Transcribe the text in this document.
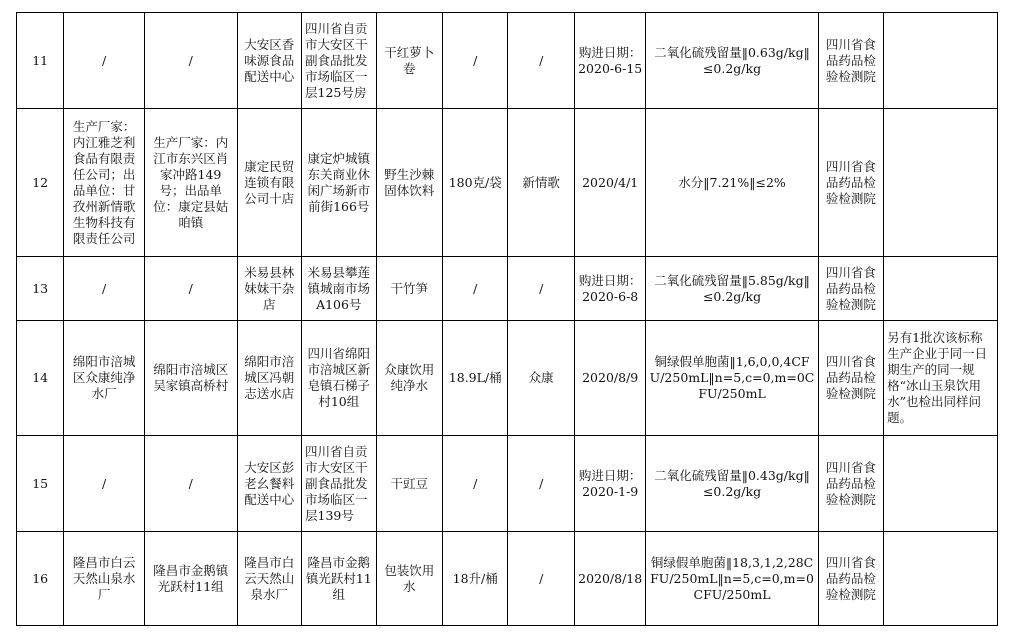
11	/	/	大安区香味源食品配送中心	四川省自贡市大安区干副食品批发市场临区一层125号房	干红萝卜卷	/	/	购进日期：2020-6-15	二氧化硫残留量‖0.63g/kg‖≤0.2g/kg	四川省食品药品检验检测院	
12	生产厂家：内江雅芝利食品有限责任公司；出品单位：甘孜州新情歌生物科技有限责任公司	生产厂家：内江市东兴区肖家冲路149号；出品单位：康定县姑咱镇	康定民贸连锁有限公司十店	康定炉城镇东关商业休闲广场新市前街166号	野生沙棘固体饮料	180克/袋	新情歌	2020/4/1	水分‖7.21%‖≤2%	四川省食品药品检验检测院	
13	/	/	米易县林妹妹干杂店	米易县攀莲镇城南市场A106号	干竹笋	/	/	购进日期：2020-6-8	二氧化硫残留量‖5.85g/kg‖≤0.2g/kg	四川省食品药品检验检测院	
14	绵阳市涪城区众康纯净水厂	绵阳市涪城区吴家镇高桥村	绵阳市涪城区冯朝志送水店	四川省绵阳市涪城区新皂镇石梯子村10组	众康饮用纯净水	18.9L/桶	众康	2020/8/9	铜绿假单胞菌‖1,6,0,0,4CFU/250mL‖n=5,c=0,m=0CFU/250mL	四川省食品药品检验检测院	另有1批次该标称生产企业于同一日期生产的同一规格“冰山玉泉饮用水”也检出同样问题。
15	/	/	大安区彭老幺餐料配送中心	四川省自贡市大安区干副食品批发市场临区一层139号	干豇豆	/	/	购进日期：2020-1-9	二氧化硫残留量‖0.43g/kg‖≤0.2g/kg	四川省食品药品检验检测院	
16	隆昌市白云天然山泉水厂	隆昌市金鹅镇光跃村11组	隆昌市白云天然山泉水厂	隆昌市金鹅镇光跃村11组	包装饮用水	18升/桶	/	2020/8/18	铜绿假单胞菌‖18,3,1,2,28CFU/250mL‖n=5,c=0,m=0CFU/250mL	四川省食品药品检验检测院	
